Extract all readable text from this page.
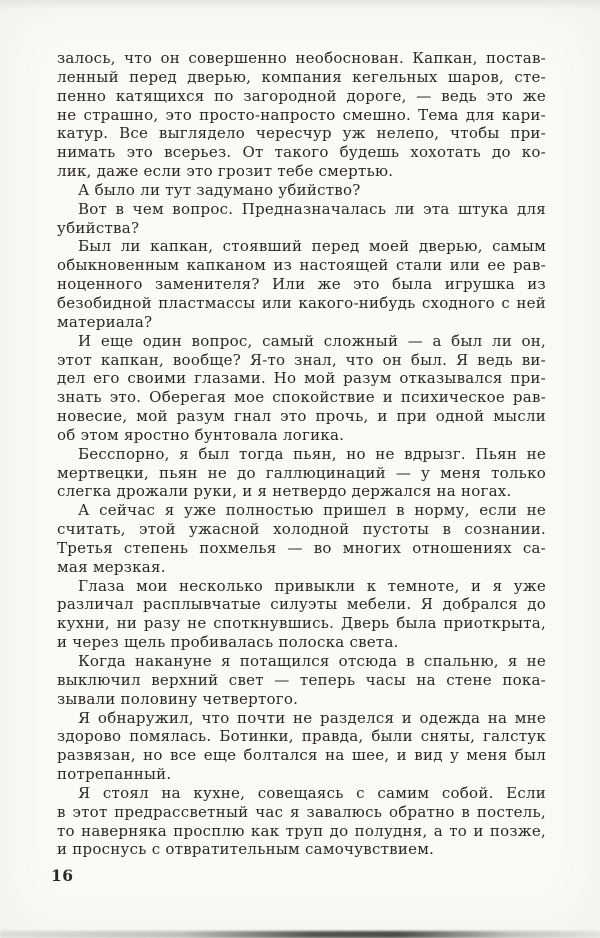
залось, что он совершенно необоснован. Капкан, постав-
ленный перед дверью, компания кегельных шаров, сте-
пенно катящихся по загородной дороге, — ведь это же
не страшно, это просто-напросто смешно. Тема для кари-
катур. Все выглядело чересчур уж нелепо, чтобы при-
нимать это всерьез. От такого будешь хохотать до ко-
лик, даже если это грозит тебе смертью.
А было ли тут задумано убийство?
Вот в чем вопрос. Предназначалась ли эта штука для
убийства?
Был ли капкан, стоявший перед моей дверью, самым
обыкновенным капканом из настоящей стали или ее рав-
ноценного заменителя? Или же это была игрушка из
безобидной пластмассы или какого-нибудь сходного с ней
материала?
И еще один вопрос, самый сложный — а был ли он,
этот капкан, вообще? Я-то знал, что он был. Я ведь ви-
дел его своими глазами. Но мой разум отказывался при-
знать это. Оберегая мое спокойствие и психическое рав-
новесие, мой разум гнал это прочь, и при одной мысли
об этом яростно бунтовала логика.
Бесспорно, я был тогда пьян, но не вдрызг. Пьян не
мертвецки, пьян не до галлюцинаций — у меня только
слегка дрожали руки, и я нетвердо держался на ногах.
А сейчас я уже полностью пришел в норму, если не
считать, этой ужасной холодной пустоты в сознании.
Третья степень похмелья — во многих отношениях са-
мая мерзкая.
Глаза мои несколько привыкли к темноте, и я уже
различал расплывчатые силуэты мебели. Я добрался до
кухни, ни разу не споткнувшись. Дверь была приоткрыта,
и через щель пробивалась полоска света.
Когда накануне я потащился отсюда в спальню, я не
выключил верхний свет — теперь часы на стене пока-
зывали половину четвертого.
Я обнаружил, что почти не разделся и одежда на мне
здорово помялась. Ботинки, правда, были сняты, галстук
развязан, но все еще болтался на шее, и вид у меня был
потрепанный.
Я стоял на кухне, совещаясь с самим собой. Если
в этот предрассветный час я завалюсь обратно в постель,
то наверняка просплю как труп до полудня, а то и позже,
и проснусь с отвратительным самочувствием.
16
